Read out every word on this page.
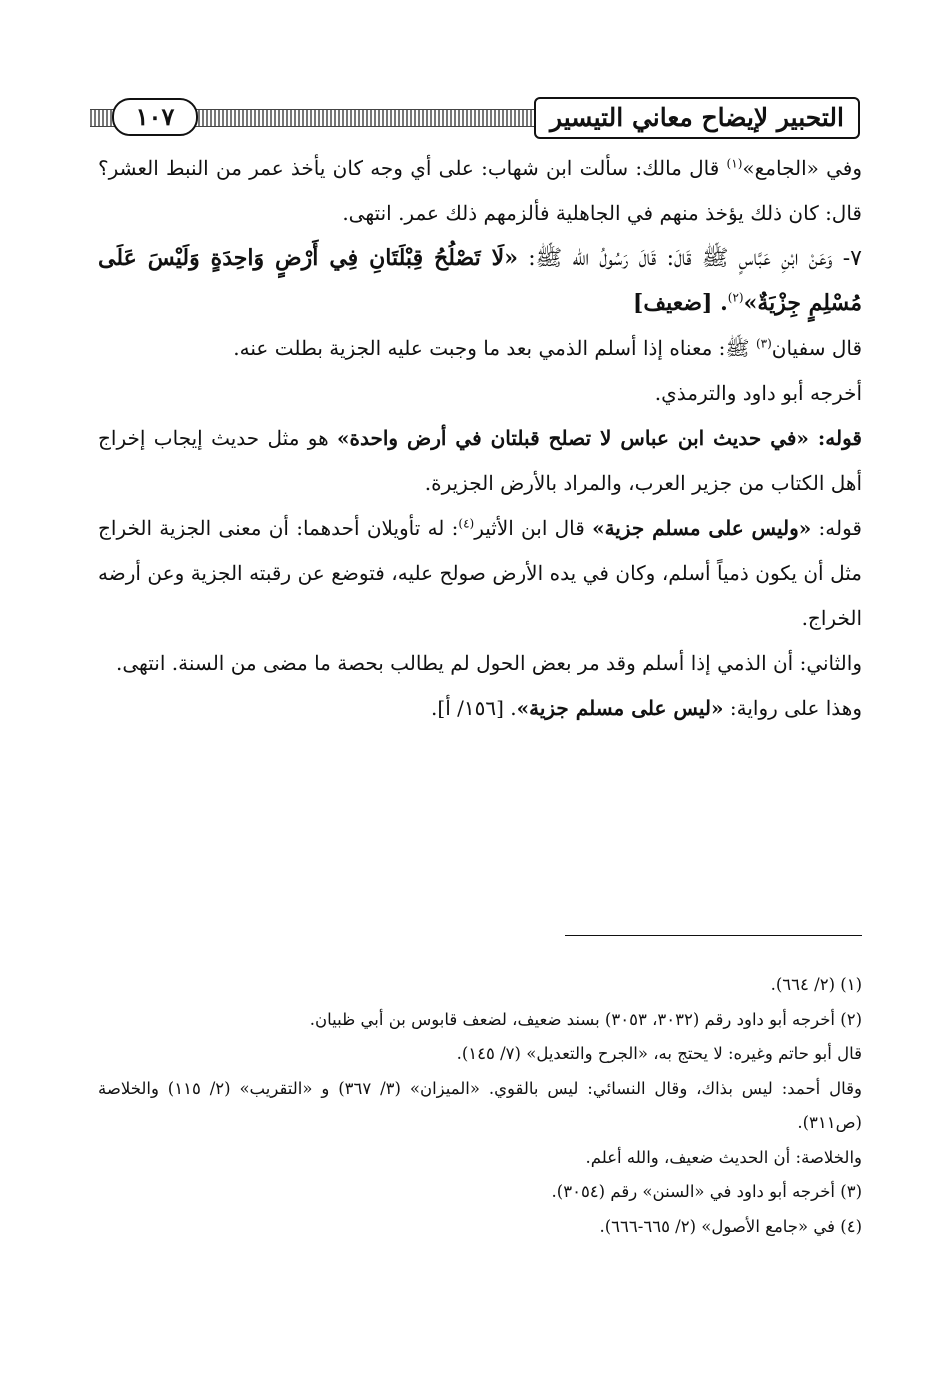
١٠٧	التحبير لإيضاح معاني التيسير

وفي «الجامع»$^{(١)}$ قال مالك: سألت ابن شهاب: على أي وجه كان يأخذ عمر من النبط العشر؟ قال: كان ذلك يؤخذ منهم في الجاهلية فألزمهم ذلك عمر. انتهى.

٧- وَعَنْ ابْنِ عَبَّاسٍ ﷺ قَالَ: قَالَ رَسُولُ الله ﷺ: «لَا تَصْلُحُ قِبْلَتَانِ فِي أَرْضٍ وَاحِدَةٍ وَلَيْسَ عَلَى مُسْلِمٍ جِزْيَةٌ»$^{(٢)}$. [ضعيف]

قال سفيان$^{(٣)}$ ﷺ: معناه إذا أسلم الذمي بعد ما وجبت عليه الجزية بطلت عنه.

أخرجه أبو داود والترمذي.

قوله: «في حديث ابن عباس لا تصلح قبلتان في أرض واحدة» هو مثل حديث إيجاب إخراج أهل الكتاب من جزير العرب، والمراد بالأرض الجزيرة.

قوله: «وليس على مسلم جزية» قال ابن الأثير$^{(٤)}$: له تأويلان أحدهما: أن معنى الجزية الخراج مثل أن يكون ذمياً أسلم، وكان في يده الأرض صولح عليه، فتوضع عن رقبته الجزية وعن أرضه الخراج.

والثاني: أن الذمي إذا أسلم وقد مر بعض الحول لم يطالب بحصة ما مضى من السنة. انتهى.

وهذا على رواية: «ليس على مسلم جزية». [١٥٦/ أ].

(١) (٢/ ٦٦٤).
(٢) أخرجه أبو داود رقم (٣٠٣٢، ٣٠٥٣) بسند ضعيف، لضعف قابوس بن أبي ظبيان.
قال أبو حاتم وغيره: لا يحتج به، «الجرح والتعديل» (٧/ ١٤٥).
وقال أحمد: ليس بذاك، وقال النسائي: ليس بالقوي. «الميزان» (٣/ ٣٦٧) و «التقريب» (٢/ ١١٥) والخلاصة (ص٣١١).
والخلاصة: أن الحديث ضعيف، والله أعلم.
(٣) أخرجه أبو داود في «السنن» رقم (٣٠٥٤).
(٤) في «جامع الأصول» (٢/ ٦٦٥-٦٦٦).
